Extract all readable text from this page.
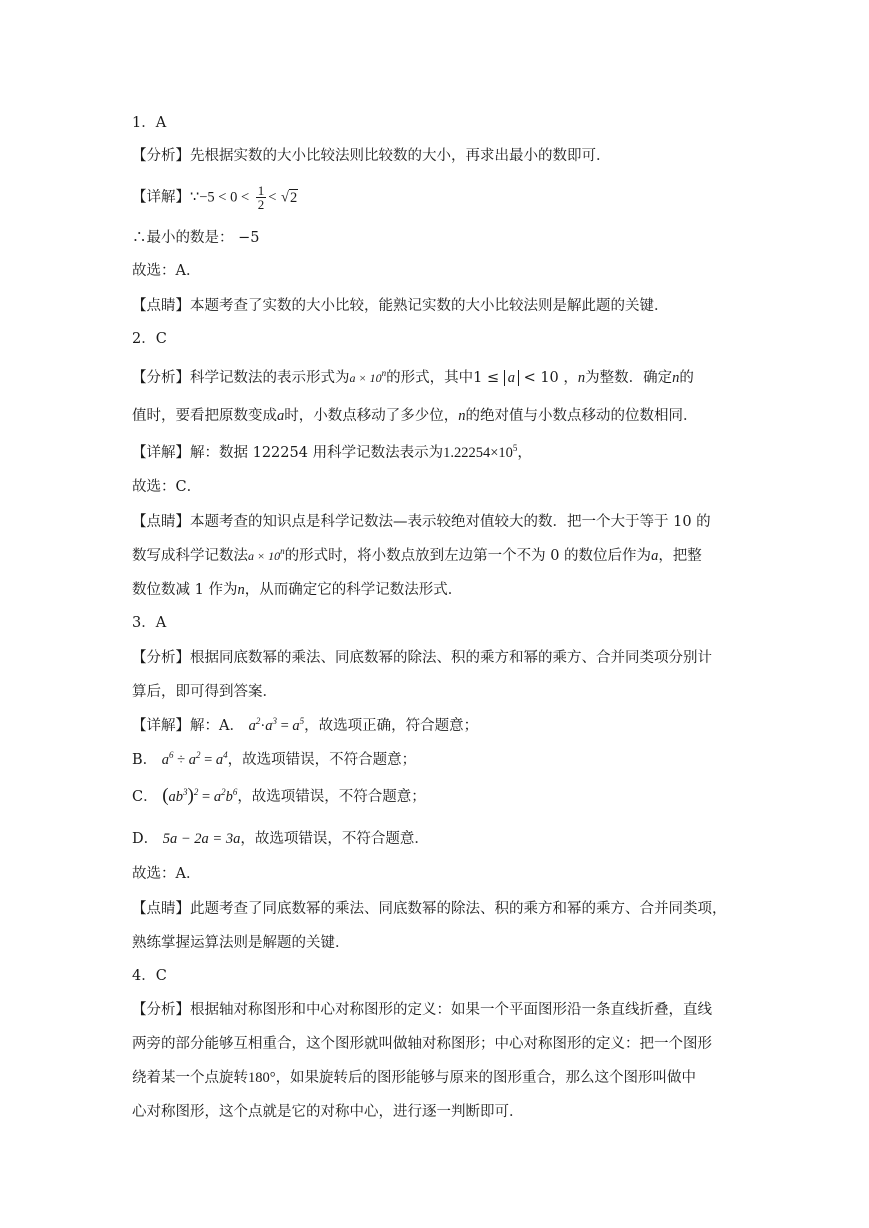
1．A
【分析】先根据实数的大小比较法则比较数的大小，再求出最小的数即可．
【详解】∵−5 < $0 < \frac{1}{2} < √2$
∴最小的数是： −5
故选：A．
【点睛】本题考查了实数的大小比较，能熟记实数的大小比较法则是解此题的关键．
2．C
【分析】科学记数法的表示形式为$a \times 10^n$的形式，其中1 ≤ a < 10 ，n为整数．确定n的
值时，要看把原数变成a时，小数点移动了多少位，n的绝对值与小数点移动的位数相同．
【详解】解：数据 122254 用科学记数法表示为$1.22254\times 10^5$，
故选：C．
【点睛】本题考查的知识点是科学记数法—表示较绝对值较大的数．把一个大于等于 10 的
数写成科学记数法$a \times 10^n$的形式时，将小数点放到左边第一个不为 0 的数位后作为a，把整
数位数减 1 作为n，从而确定它的科学记数法形式．
3．A
【分析】根据同底数幂的乘法、同底数幂的除法、积的乘方和幂的乘方、合并同类项分别计
算后，即可得到答案．
【详解】解：A． $a^2\cdot a^3 = a^5$，故选项正确，符合题意；
B． $a^6 \div a^2 = a^4$，故选项错误，不符合题意；
C． $(ab^3)^2 = a^2b^6$，故选项错误，不符合题意；
D． 5a − 2a = 3a，故选项错误，不符合题意．
故选：A．
【点睛】此题考查了同底数幂的乘法、同底数幂的除法、积的乘方和幂的乘方、合并同类项，
熟练掌握运算法则是解题的关键．
4．C
【分析】根据轴对称图形和中心对称图形的定义：如果一个平面图形沿一条直线折叠，直线
两旁的部分能够互相重合，这个图形就叫做轴对称图形；中心对称图形的定义：把一个图形
绕着某一个点旋转180°，如果旋转后的图形能够与原来的图形重合，那么这个图形叫做中
心对称图形，这个点就是它的对称中心，进行逐一判断即可．
